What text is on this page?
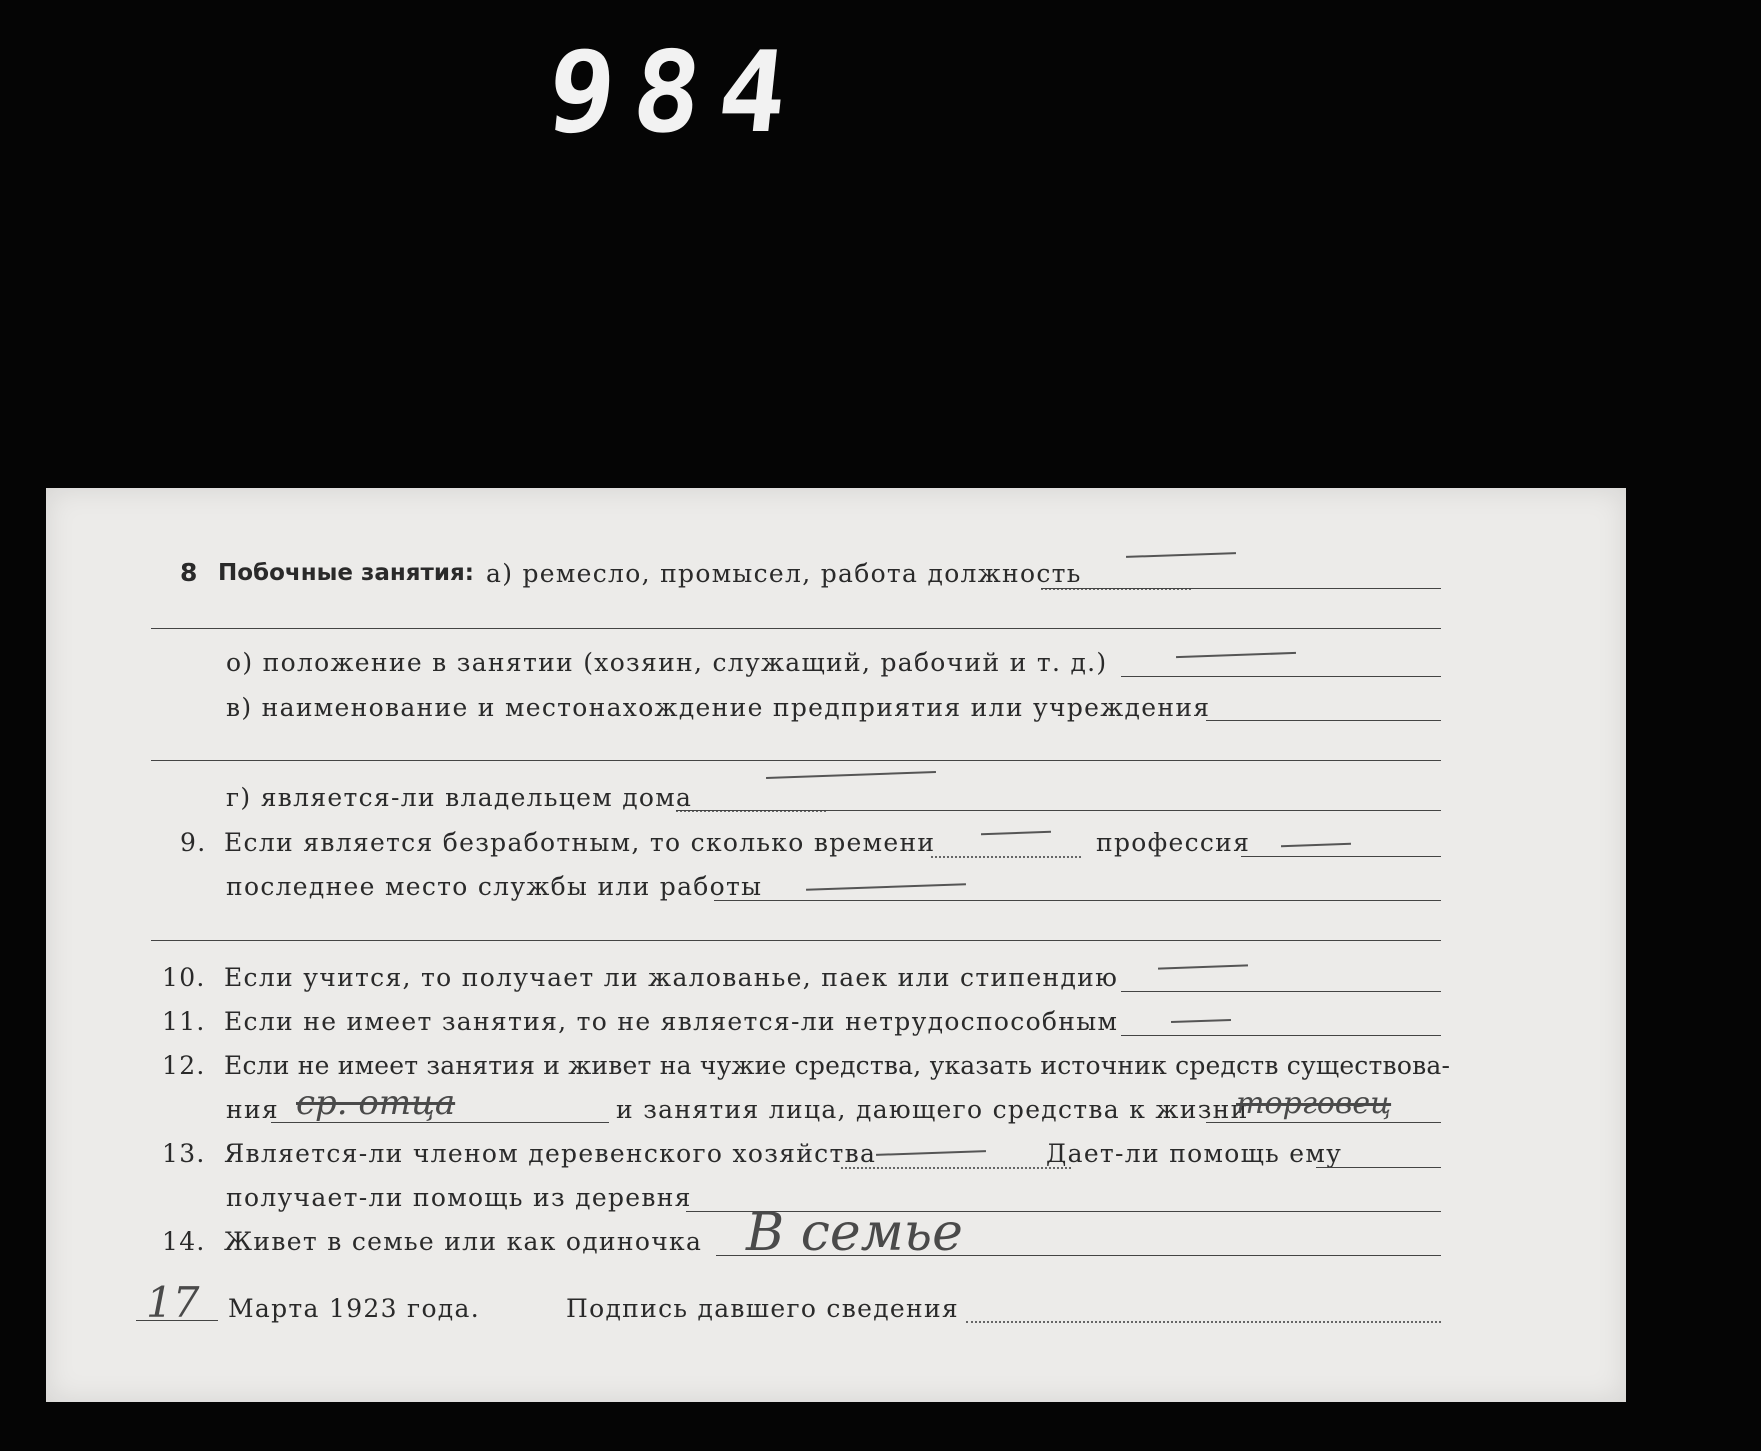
984
8 Побочные занятия: а) ремесло, промысел, работа должность
о) положение в занятии (хозяин, служащий, рабочий и т. д.)
в) наименование и местонахождение предприятия или учреждения
г) является-ли владельцем дома
9. Если является безработным, то сколько времени	профессия
последнее место службы или работы
10. Если учится, то получает ли жалованье, паек или стипендию
11. Если не имеет занятия, то не является-ли нетрудоспособным
12. Если не имеет занятия и живет на чужие средства, указать источник средств существова-
ния ср. отца	и занятия лица, дающего средства к жизни
торговец
13. Является-ли членом деревенского хозяйства	Дает-ли помощь ему
получает-ли помощь из деревня
14. Живет в семье или как одиночка В семье
17 Марта 1923 года.	Подпись давшего сведения
